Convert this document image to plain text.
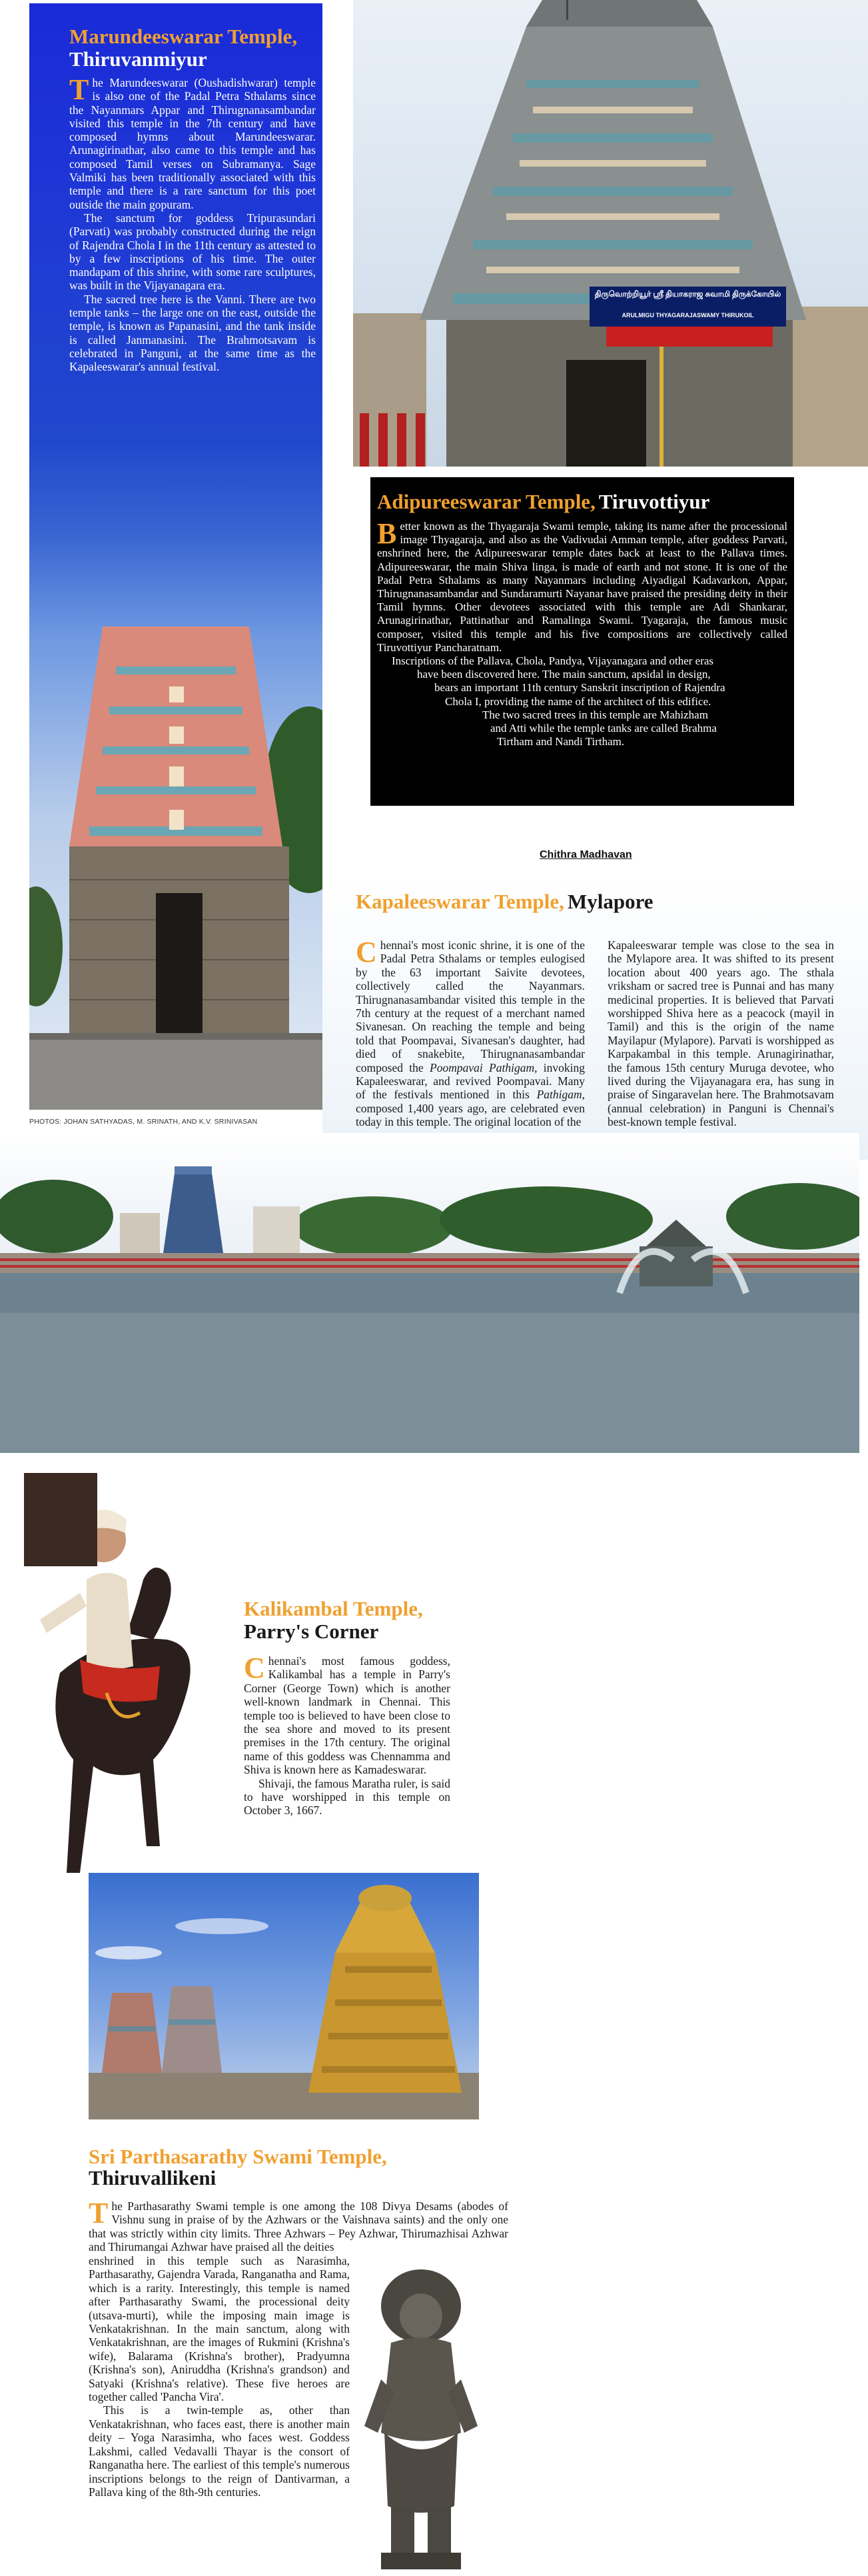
Marundeeswarar Temple,
Thiruvanmiyur

The Marundeeswarar (Oushadishwarar) temple is also one of the Padal Petra Sthalams since the Nayanmars Appar and Thirugnanasambandar visited this temple in the 7th century and have composed hymns about Marundeeswarar. Arunagirinathar, also came to this temple and has composed Tamil verses on Subramanya. Sage Valmiki has been traditionally associated with this temple and there is a rare sanctum for this poet outside the main gopuram.

The sanctum for goddess Tripurasundari (Parvati) was probably constructed during the reign of Rajendra Chola I in the 11th century as attested to by a few inscriptions of his time. The outer mandapam of this shrine, with some rare sculptures, was built in the Vijayanagara era.

The sacred tree here is the Vanni. There are two temple tanks – the large one on the east, outside the temple, is known as Papanasini, and the tank inside is called Janmanasini. The Brahmotsavam is celebrated in Panguni, at the same time as the Kapaleeswarar's annual festival.

PHOTOS: JOHAN SATHYADAS, M. SRINATH, AND K.V. SRINIVASAN
திருவொற்றியூர் ஸ்ரீ தியாகராஜ சுவாமி திருக்கோயில்
ARULMIGU THYAGARAJASWAMY THIRUKOIL
Adipureeswarar Temple, Tiruvottiyur

Better known as the Thyagaraja Swami temple, taking its name after the processional image Thyagaraja, and also as the Vadivudai Amman temple, after goddess Parvati, enshrined here, the Adipureeswarar temple dates back at least to the Pallava times. Adipureeswarar, the main Shiva linga, is made of earth and not stone. It is one of the Padal Petra Sthalams as many Nayanmars including Aiyadigal Kadavarkon, Appar, Thirugnanasambandar and Sundaramurti Nayanar have praised the presiding deity in their Tamil hymns. Other devotees associated with this temple are Adi Shankarar, Arunagirinathar, Pattinathar and Ramalinga Swami. Tyagaraja, the famous music composer, visited this temple and his five compositions are collectively called Tiruvottiyur Pancharatnam.

Inscriptions of the Pallava, Chola, Pandya, Vijayanagara and other eras
have been discovered here. The main sanctum, apsidal in design,
bears an important 11th century Sanskrit inscription of Rajendra
Chola I, providing the name of the architect of this edifice.
The two sacred trees in this temple are Mahizham
and Atti while the temple tanks are called Brahma
Tirtham and Nandi Tirtham.
Chithra Madhavan
Kapaleeswarar Temple, Mylapore

Chennai's most iconic shrine, it is one of the Padal Petra Sthalams or temples eulogised by the 63 important Saivite devotees, collectively called the Nayanmars. Thirugnanasambandar visited this temple in the 7th century at the request of a merchant named Sivanesan. On reaching the temple and being told that Poompavai, Sivanesan's daughter, had died of snakebite, Thirugnanasambandar composed the Poompavai Pathigam, invoking Kapaleeswarar, and revived Poompavai. Many of the festivals mentioned in this Pathigam, composed 1,400 years ago, are celebrated even today in this temple. The original location of the

Kapaleeswarar temple was close to the sea in the Mylapore area. It was shifted to its present location about 400 years ago. The sthala vriksham or sacred tree is Punnai and has many medicinal properties. It is believed that Parvati worshipped Shiva here as a peacock (mayil in Tamil) and this is the origin of the name Mayilapur (Mylapore). Parvati is worshipped as Karpakambal in this temple. Arunagirinathar, the famous 15th century Muruga devotee, who lived during the Vijayanagara era, has sung in praise of Singaravelan here. The Brahmotsavam (annual celebration) in Panguni is Chennai's best-known temple festival.

Kalikambal Temple,
Parry's Corner

Chennai's most famous goddess, Kalikambal has a temple in Parry's Corner (George Town) which is another well-known landmark in Chennai. This temple too is believed to have been close to the sea shore and moved to its present premises in the 17th century. The original name of this goddess was Chennamma and Shiva is known here as Kamadeswarar.

Shivaji, the famous Maratha ruler, is said to have worshipped in this temple on October 3, 1667.

Sri Parthasarathy Swami Temple,
Thiruvallikeni

The Parthasarathy Swami temple is one among the 108 Divya Desams (abodes of Vishnu sung in praise of by the Azhwars or the Vaishnava saints) and the only one that was strictly within city limits. Three Azhwars – Pey Azhwar, Thirumazhisai Azhwar and Thirumangai Azhwar have praised all the deities

enshrined in this temple such as Narasimha, Parthasarathy, Gajendra Varada, Ranganatha and Rama, which is a rarity. Interestingly, this temple is named after Parthasarathy Swami, the processional deity (utsava-murti), while the imposing main image is Venkatakrishnan. In the main sanctum, along with Venkatakrishnan, are the images of Rukmini (Krishna's wife), Balarama (Krishna's brother), Pradyumna (Krishna's son), Aniruddha (Krishna's grandson) and Satyaki (Krishna's relative). These five heroes are together called 'Pancha Vira'.

This is a twin-temple as, other than Venkatakrishnan, who faces east, there is another main deity – Yoga Narasimha, who faces west. Goddess Lakshmi, called Vedavalli Thayar is the consort of Ranganatha here. The earliest of this temple's numerous inscriptions belongs to the reign of Dantivarman, a Pallava king of the 8th-9th centuries.
